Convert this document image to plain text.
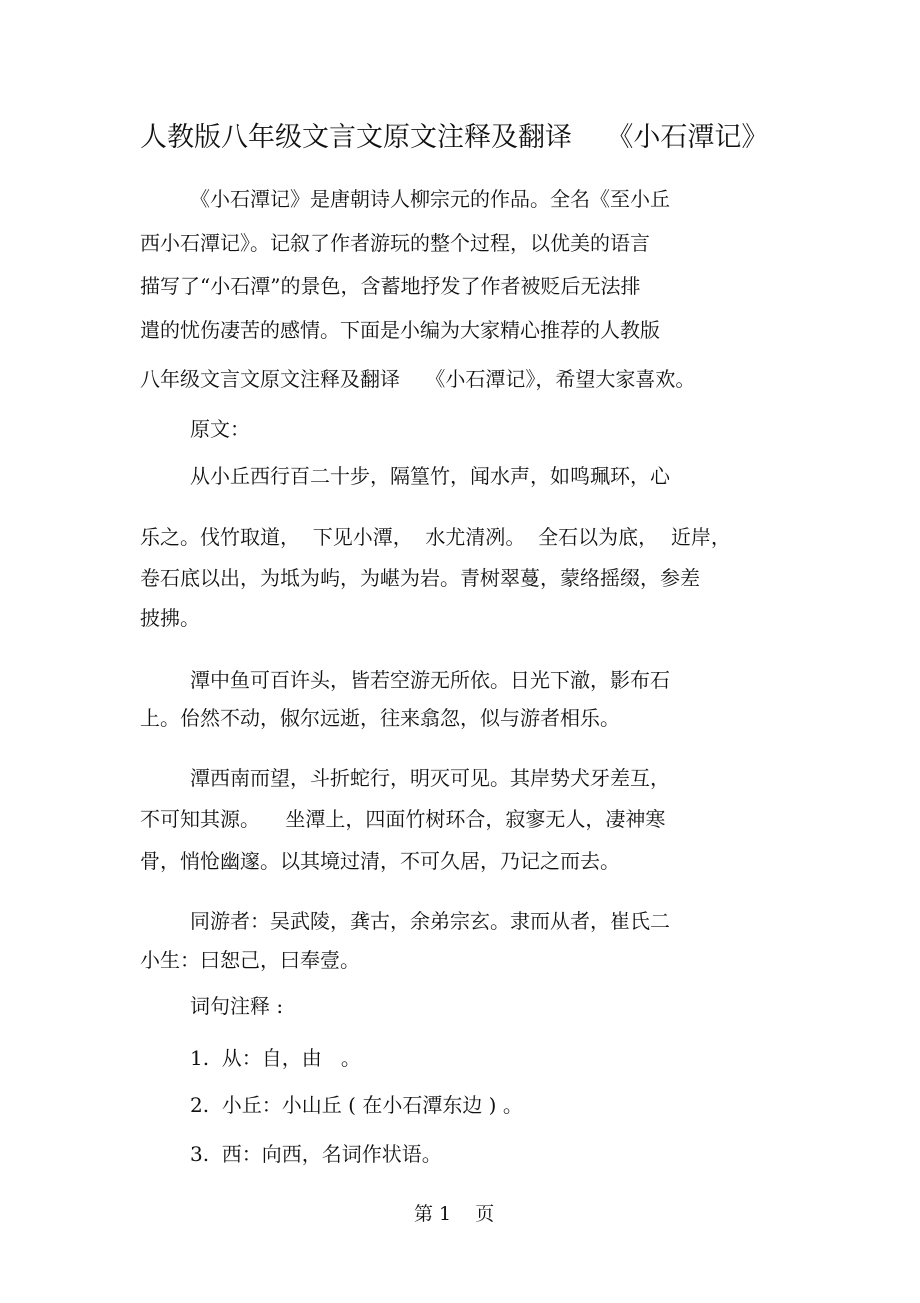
人教版八年级文言文原文注释及翻译    《小石潭记》
《小石潭记》是唐朝诗人柳宗元的作品。全名《至小丘
西小石潭记》。记叙了作者游玩的整个过程，以优美的语言
描写了“小石潭”的景色，含蓄地抒发了作者被贬后无法排
遣的忧伤凄苦的感情。下面是小编为大家精心推荐的人教版
八年级文言文原文注释及翻译    《小石潭记》，希望大家喜欢。
原文：
从小丘西行百二十步，隔篁竹，闻水声，如鸣珮环，心
乐之。伐竹取道，  下见小潭，  水尤清冽。  全石以为底，  近岸，
卷石底以出，为坻为屿，为嵁为岩。青树翠蔓，蒙络摇缀，参差
披拂。
潭中鱼可百许头，皆若空游无所依。日光下澈，影布石
上。佁然不动，俶尔远逝，往来翕忽，似与游者相乐。
潭西南而望，斗折蛇行，明灭可见。其岸势犬牙差互，
不可知其源。    坐潭上，四面竹树环合，寂寥无人，凄神寒
骨，悄怆幽邃。以其境过清，不可久居，乃记之而去。
同游者：吴武陵，龚古，余弟宗玄。隶而从者，崔氏二
小生：曰恕己，曰奉壹。
词句注释 :
1.  从：自，由   。
2.  小丘：小山丘 ( 在小石潭东边 ) 。
3.  西：向西，名词作状语。
第 1    页
